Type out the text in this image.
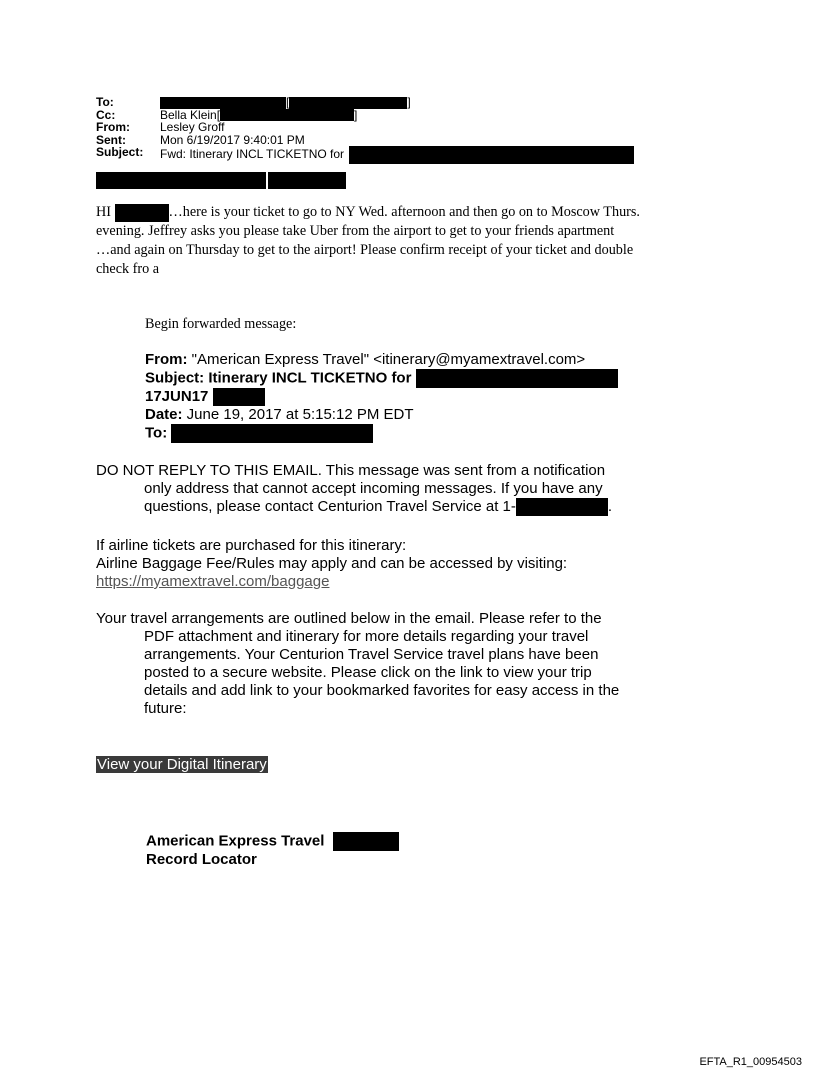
To:	[	]
Cc:	Bella Klein[	]
From:	Lesley Groff
Sent:	Mon 6/19/2017 9:40:01 PM
Subject: Fwd: Itinerary INCL TICKETNO for
HI	…here is your ticket to go to NY Wed. afternoon and then go on to Moscow Thurs.
evening. Jeffrey asks you please take Uber from the airport to get to your friends apartment
…and again on Thursday to get to the airport! Please confirm receipt of your ticket and double
check fro a
Begin forwarded message:
From: "American Express Travel" <itinerary@myamextravel.com>
Subject: Itinerary INCL TICKETNO for
17JUN17
Date: June 19, 2017 at 5:15:12 PM EDT
To:
DO NOT REPLY TO THIS EMAIL. This message was sent from a notification
only address that cannot accept incoming messages. If you have any
questions, please contact Centurion Travel Service at 1-	.
If airline tickets are purchased for this itinerary:
Airline Baggage Fee/Rules may apply and can be accessed by visiting:
https://myamextravel.com/baggage
Your travel arrangements are outlined below in the email. Please refer to the
PDF attachment and itinerary for more details regarding your travel
arrangements. Your Centurion Travel Service travel plans have been
posted to a secure website. Please click on the link to view your trip
details and add link to your bookmarked favorites for easy access in the
future:
View your Digital Itinerary
American Express Travel
Record Locator
EFTA_R1_00954503
